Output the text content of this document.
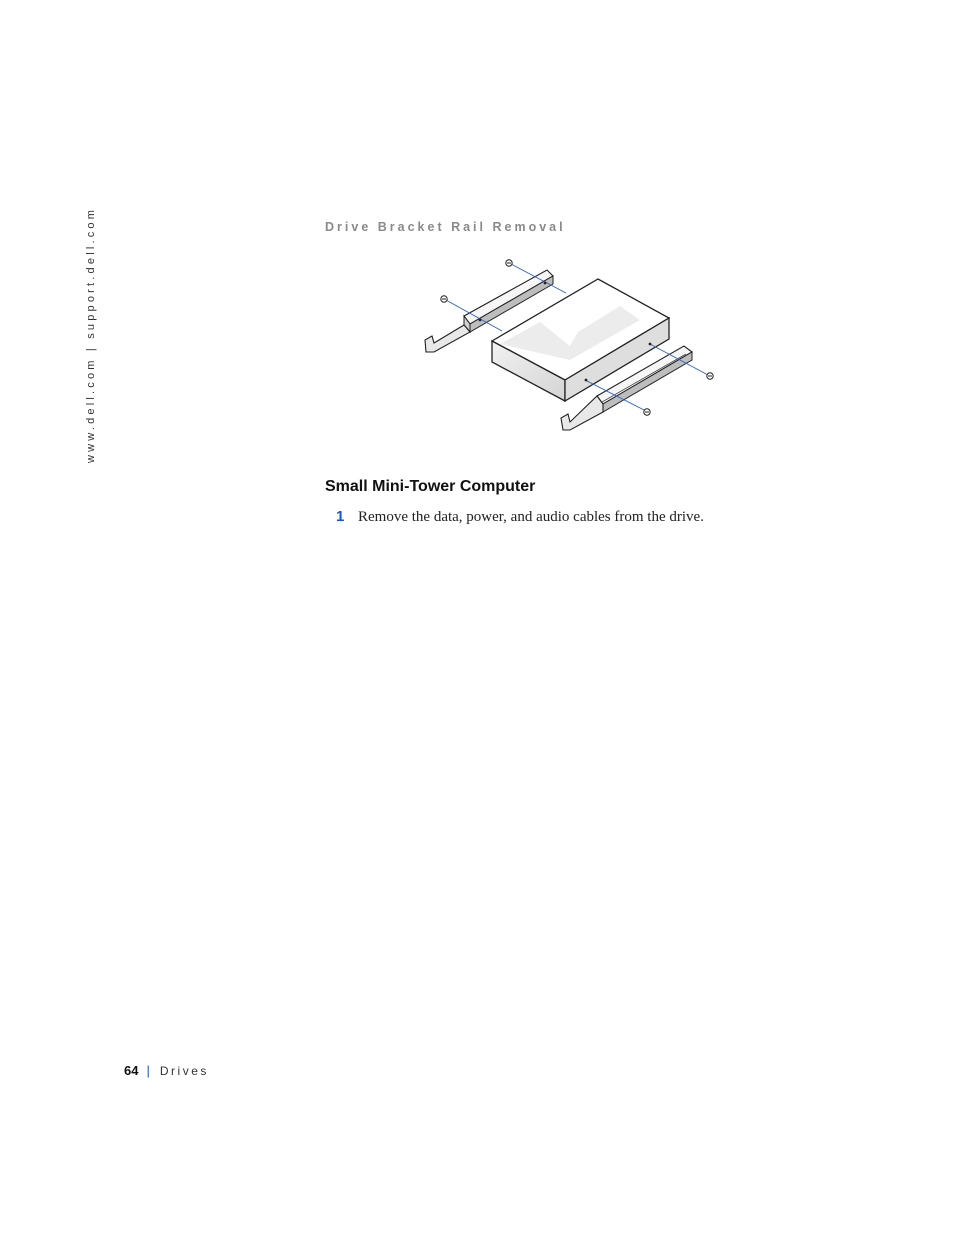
www.dell.com | support.dell.com	Drive Bracket Rail Removal
Small Mini-Tower Computer
1 Remove the data, power, and audio cables from the drive.
64 | Drives
